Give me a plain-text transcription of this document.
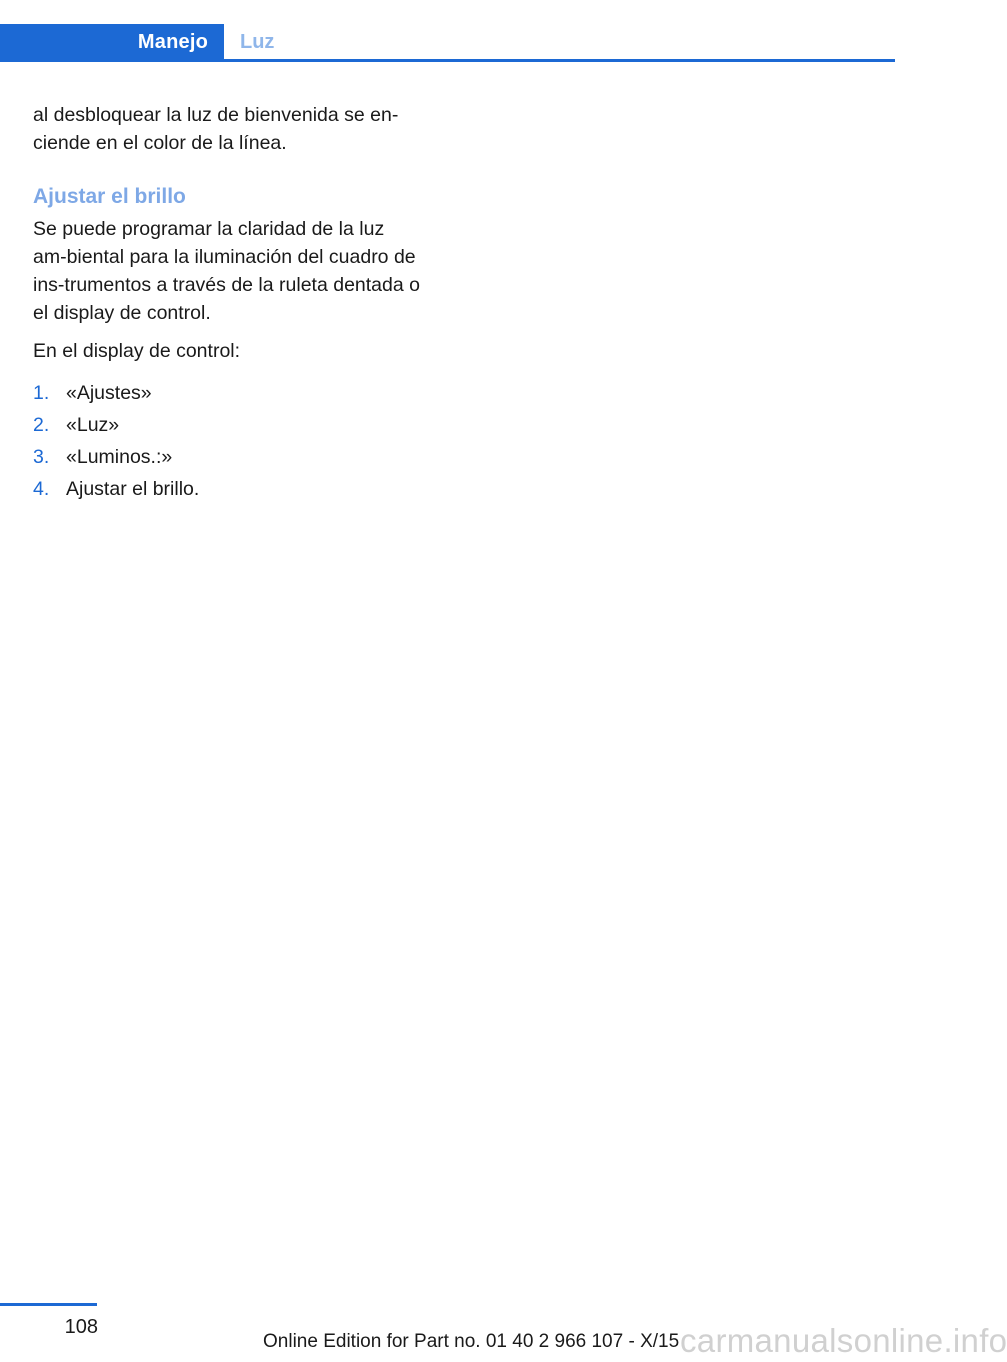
Manejo Luz

al desbloquear la luz de bienvenida se en‐ciende en el color de la línea.

Ajustar el brillo

Se puede programar la claridad de la luz am‐biental para la iluminación del cuadro de ins‐trumentos a través de la ruleta dentada o el display de control.

En el display de control:

1. «Ajustes»
2. «Luz»
3. «Luminos.:»
4. Ajustar el brillo.
108
Online Edition for Part no. 01 40 2 966 107 - X/15 carmanualsonline.info
